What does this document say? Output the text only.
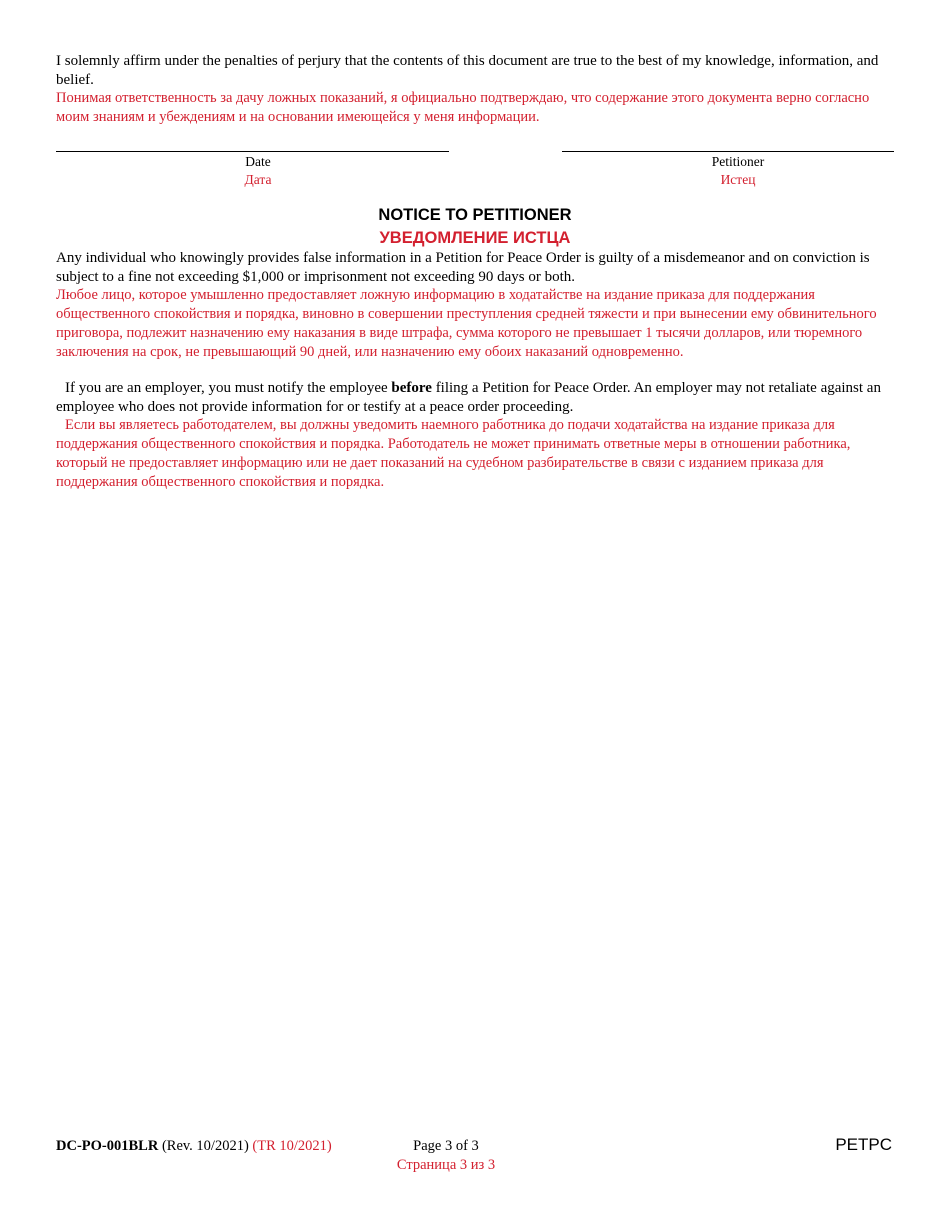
I solemnly affirm under the penalties of perjury that the contents of this document are true to the best of my knowledge, information, and belief.
Понимая ответственность за дачу ложных показаний, я официально подтверждаю, что содержание этого документа верно согласно моим знаниям и убеждениям и на основании имеющейся у меня информации.
Date
Дата
Petitioner
Истец
NOTICE TO PETITIONER
УВЕДОМЛЕНИЕ ИСТЦА
Any individual who knowingly provides false information in a Petition for Peace Order is guilty of a misdemeanor and on conviction is subject to a fine not exceeding $1,000 or imprisonment not exceeding 90 days or both.
Любое лицо, которое умышленно предоставляет ложную информацию в ходатайстве на издание приказа для поддержания общественного спокойствия и порядка, виновно в совершении преступления средней тяжести и при вынесении ему обвинительного приговора, подлежит назначению ему наказания в виде штрафа, сумма которого не превышает 1 тысячи долларов, или тюремного заключения на срок, не превышающий 90 дней, или назначению ему обоих наказаний одновременно.
If you are an employer, you must notify the employee before filing a Petition for Peace Order. An employer may not retaliate against an employee who does not provide information for or testify at a peace order proceeding.
Если вы являетесь работодателем, вы должны уведомить наемного работника до подачи ходатайства на издание приказа для поддержания общественного спокойствия и порядка. Работодатель не может принимать ответные меры в отношении работника, который не предоставляет информацию или не дает показаний на судебном разбирательстве в связи с изданием приказа для поддержания общественного спокойствия и порядка.
DC-PO-001BLR (Rev. 10/2021) (TR 10/2021)	Page 3 of 3
Страница 3 из 3
PETPC
